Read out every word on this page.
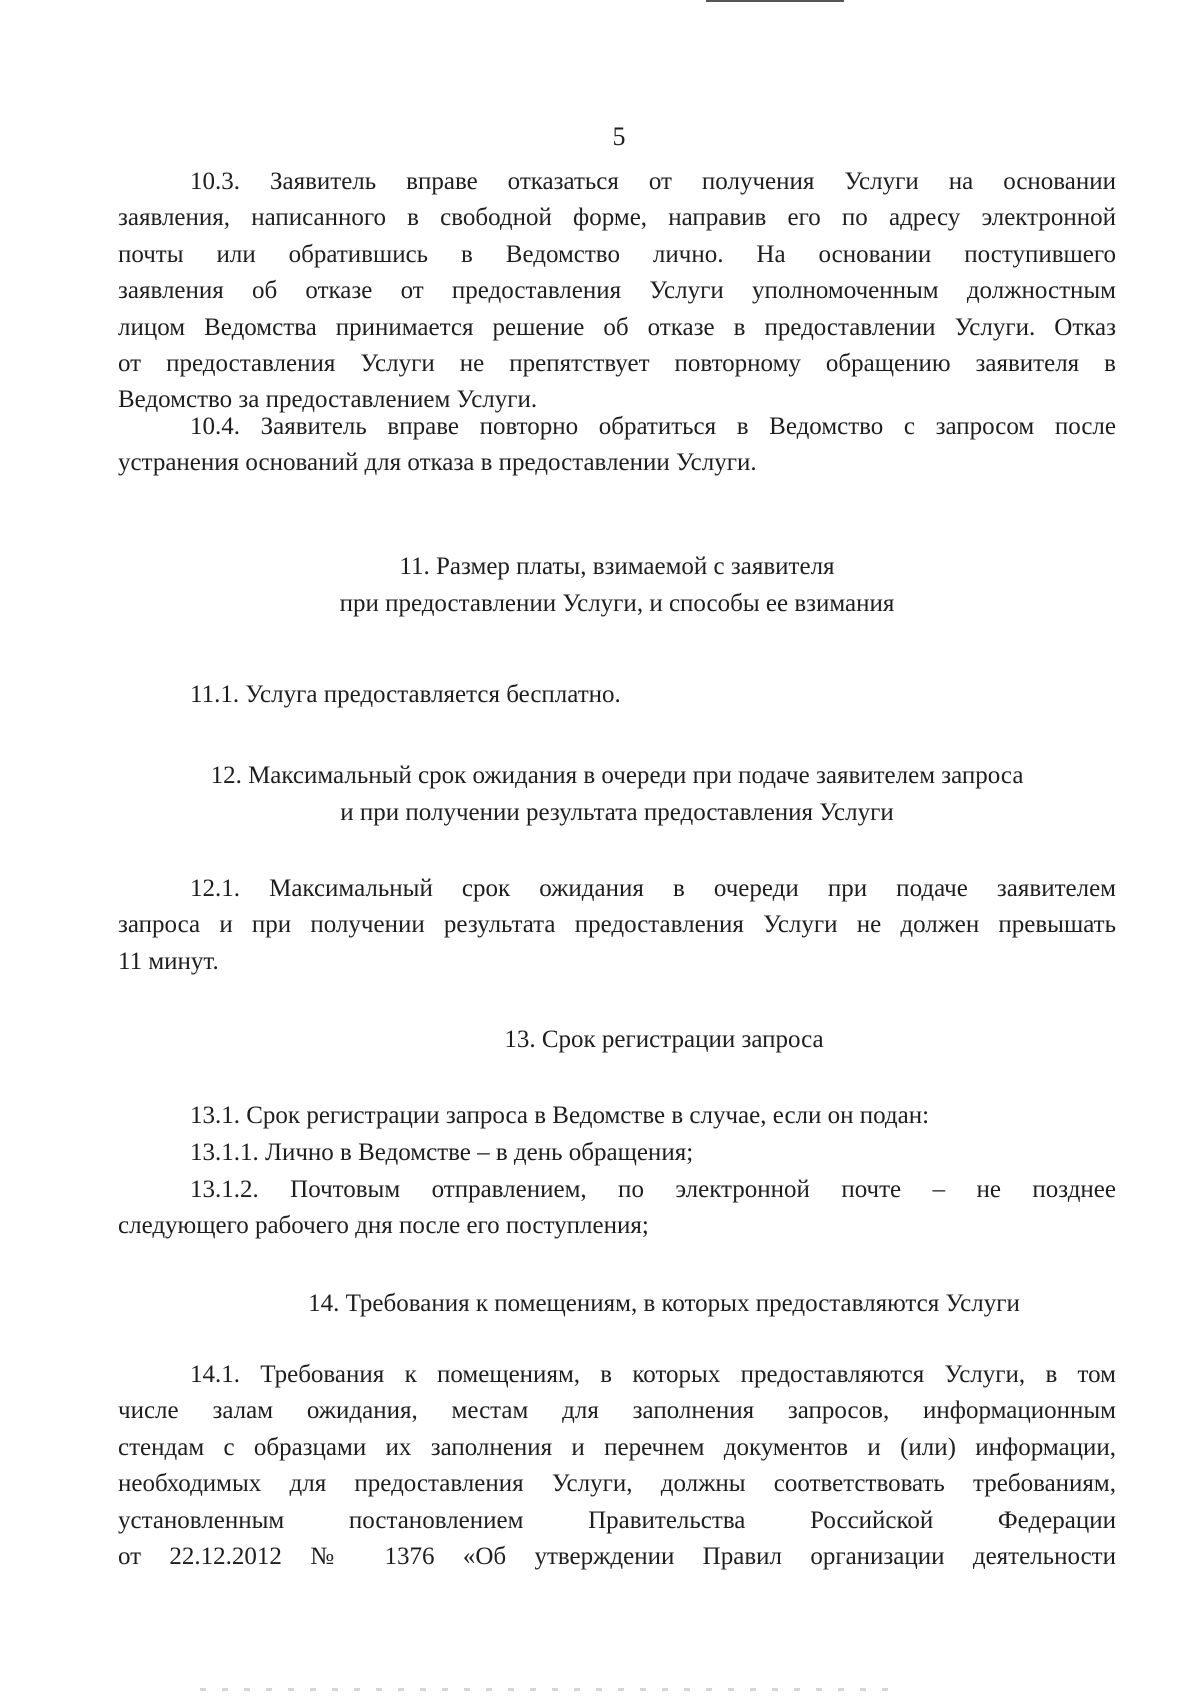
5
10.3. Заявитель вправе отказаться от получения Услуги на основании
заявления, написанного в свободной форме, направив его по адресу электронной
почты или обратившись в Ведомство лично. На основании поступившего
заявления об отказе от предоставления Услуги уполномоченным должностным
лицом Ведомства принимается решение об отказе в предоставлении Услуги. Отказ
от предоставления Услуги не препятствует повторному обращению заявителя в
Ведомство за предоставлением Услуги.
10.4. Заявитель вправе повторно обратиться в Ведомство с запросом после
устранения оснований для отказа в предоставлении Услуги.
11. Размер платы, взимаемой с заявителя
при предоставлении Услуги, и способы ее взимания
11.1. Услуга предоставляется бесплатно.
12. Максимальный срок ожидания в очереди при подаче заявителем запроса
и при получении результата предоставления Услуги
12.1. Максимальный срок ожидания в очереди при подаче заявителем
запроса и при получении результата предоставления Услуги не должен превышать
11 минут.
13. Срок регистрации запроса
13.1. Срок регистрации запроса в Ведомстве в случае, если он подан:
13.1.1. Лично в Ведомстве – в день обращения;
13.1.2. Почтовым отправлением, по электронной почте – не позднее
следующего рабочего дня после его поступления;
14. Требования к помещениям, в которых предоставляются Услуги
14.1. Требования к помещениям, в которых предоставляются Услуги, в том
числе залам ожидания, местам для заполнения запросов, информационным
стендам с образцами их заполнения и перечнем документов и (или) информации,
необходимых для предоставления Услуги, должны соответствовать требованиям,
установленным постановлением Правительства Российской Федерации
от 22.12.2012 № 1376 «Об утверждении Правил организации деятельности
